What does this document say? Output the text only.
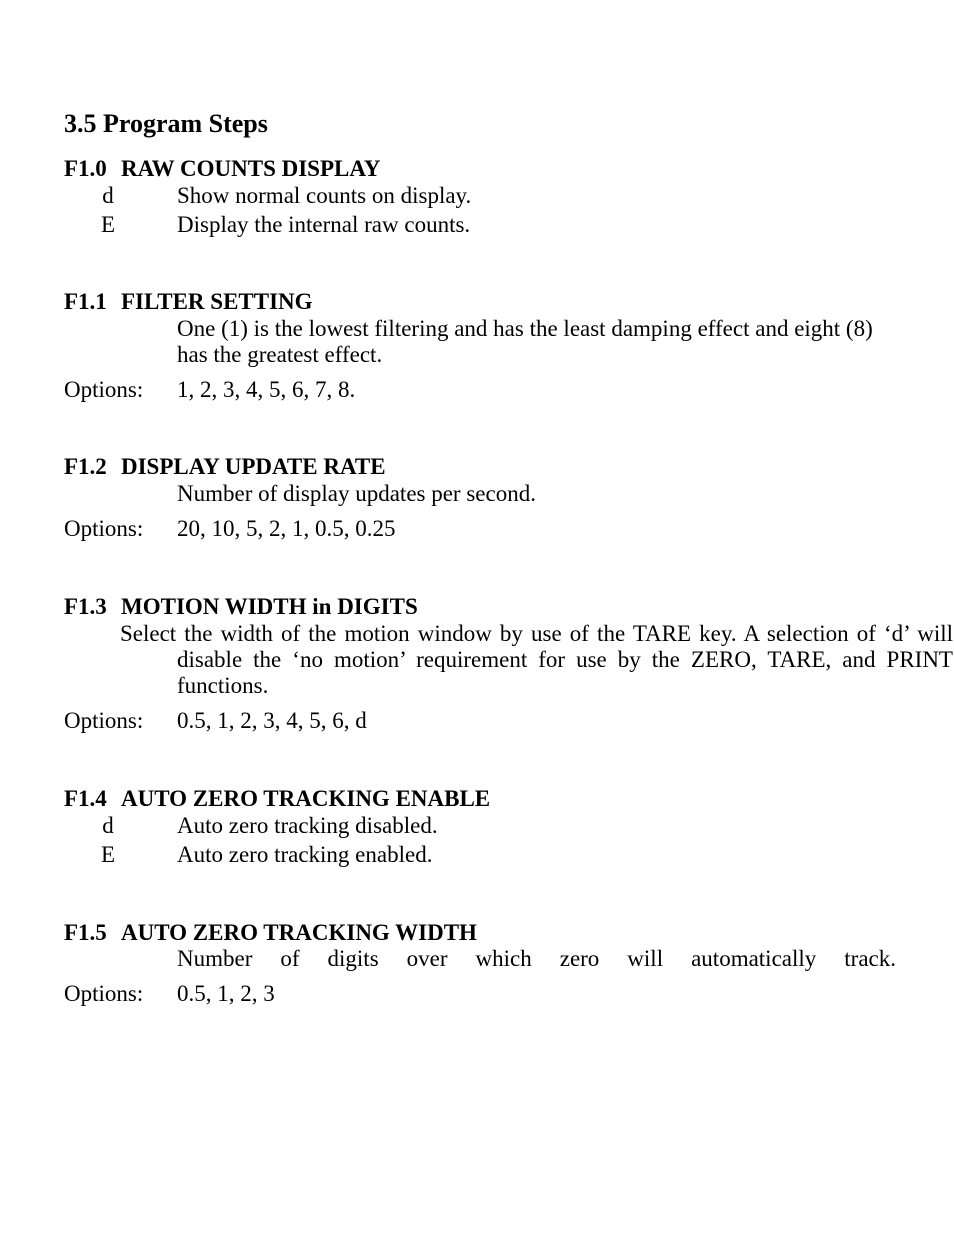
3.5 Program Steps
F1.0 RAW COUNTS DISPLAY
d	Show normal counts on display.
E	Display the internal raw counts.
F1.1 FILTER SETTING
One (1) is the lowest filtering and has the least damping effect and eight (8) has the greatest effect.
Options: 1, 2, 3, 4, 5, 6, 7, 8.
F1.2 DISPLAY UPDATE RATE
Number of display updates per second.
Options: 20, 10, 5, 2, 1, 0.5, 0.25
F1.3 MOTION WIDTH in DIGITS
Select the width of the motion window by use of the TARE key. A selection of ‘d’ will disable the ‘no motion’ requirement for use by the ZERO, TARE, and PRINT functions.
Options: 0.5, 1, 2, 3, 4, 5, 6, d
F1.4 AUTO ZERO TRACKING ENABLE
d	Auto zero tracking disabled.
E	Auto zero tracking enabled.
F1.5 AUTO ZERO TRACKING WIDTH
Number of digits over which zero will automatically track.
Options: 0.5, 1, 2, 3
